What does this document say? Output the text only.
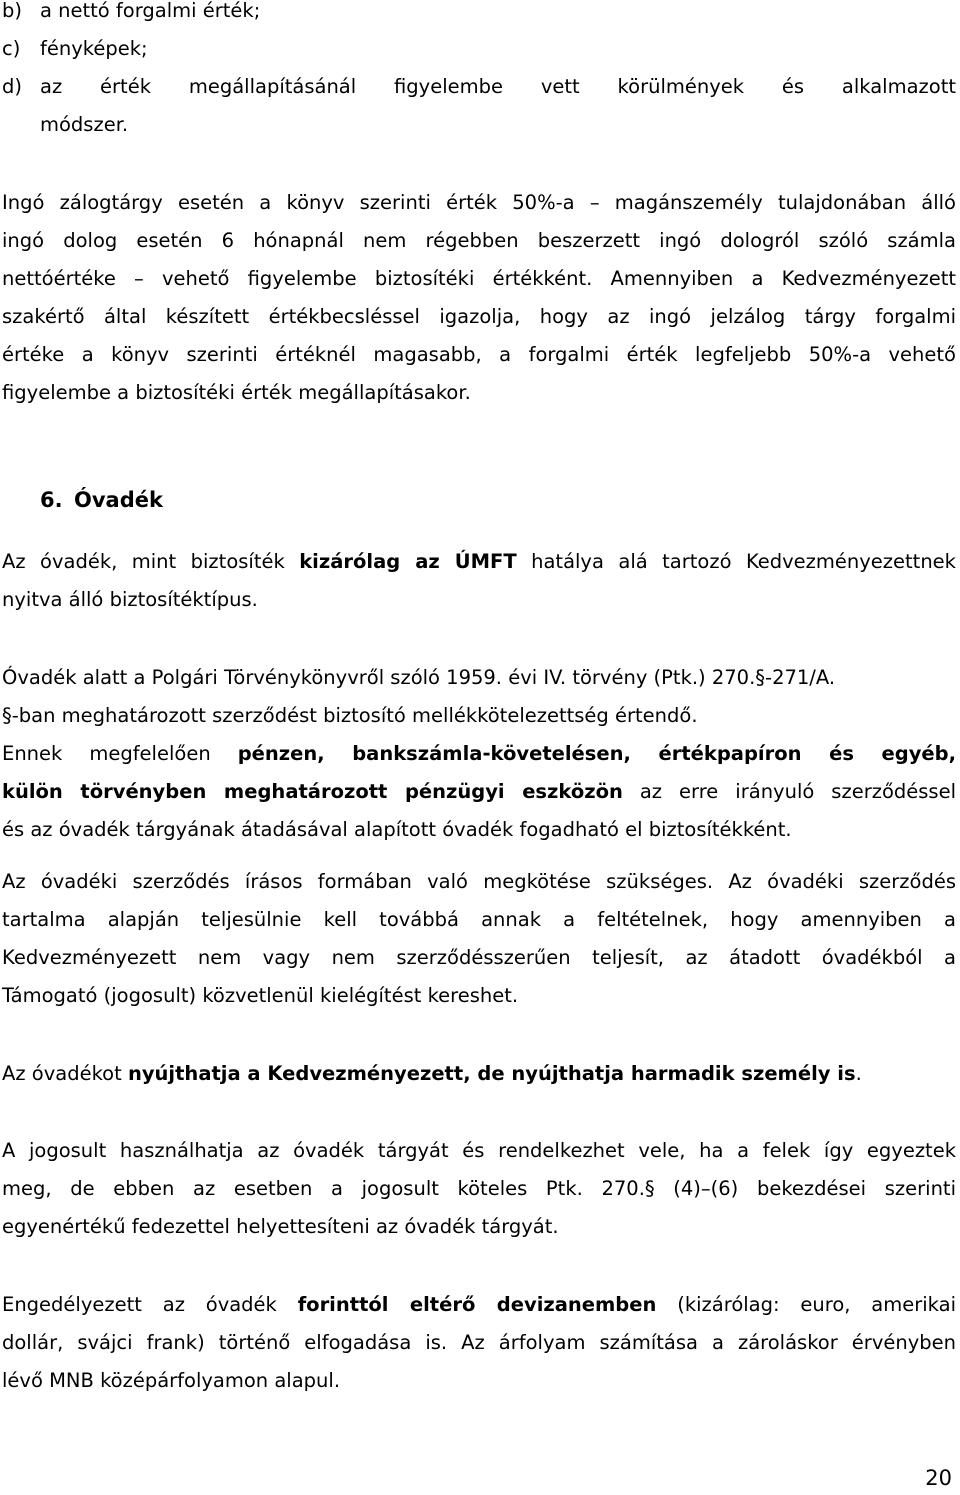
b) a nettó forgalmi érték;
c) fényképek;
d) az érték megállapításánál figyelembe vett körülmények és alkalmazott
módszer.
Ingó zálogtárgy esetén a könyv szerinti érték 50%-a – magánszemély tulajdonában álló
ingó dolog esetén 6 hónapnál nem régebben beszerzett ingó dologról szóló számla
nettóértéke – vehető figyelembe biztosítéki értékként. Amennyiben a Kedvezményezett
szakértő által készített értékbecsléssel igazolja, hogy az ingó jelzálog tárgy forgalmi
értéke a könyv szerinti értéknél magasabb, a forgalmi érték legfeljebb 50%-a vehető
figyelembe a biztosítéki érték megállapításakor.
6. Óvadék
Az óvadék, mint biztosíték kizárólag az ÚMFT hatálya alá tartozó Kedvezményezettnek
nyitva álló biztosítéktípus.
Óvadék alatt a Polgári Törvénykönyvről szóló 1959. évi IV. törvény (Ptk.) 270.§-271/A.
§-ban meghatározott szerződést biztosító mellékkötelezettség értendő.
Ennek megfelelően pénzen, bankszámla-követelésen, értékpapíron és egyéb,
külön törvényben meghatározott pénzügyi eszközön az erre irányuló szerződéssel
és az óvadék tárgyának átadásával alapított óvadék fogadható el biztosítékként.
Az óvadéki szerződés írásos formában való megkötése szükséges. Az óvadéki szerződés
tartalma alapján teljesülnie kell továbbá annak a feltételnek, hogy amennyiben a
Kedvezményezett nem vagy nem szerződésszerűen teljesít, az átadott óvadékból a
Támogató (jogosult) közvetlenül kielégítést kereshet.
Az óvadékot nyújthatja a Kedvezményezett, de nyújthatja harmadik személy is.
A jogosult használhatja az óvadék tárgyát és rendelkezhet vele, ha a felek így egyeztek
meg, de ebben az esetben a jogosult köteles Ptk. 270.§ (4)–(6) bekezdései szerinti
egyenértékű fedezettel helyettesíteni az óvadék tárgyát.
Engedélyezett az óvadék forinttól eltérő devizanemben (kizárólag: euro, amerikai
dollár, svájci frank) történő elfogadása is. Az árfolyam számítása a zároláskor érvényben
lévő MNB középárfolyamon alapul.
20
